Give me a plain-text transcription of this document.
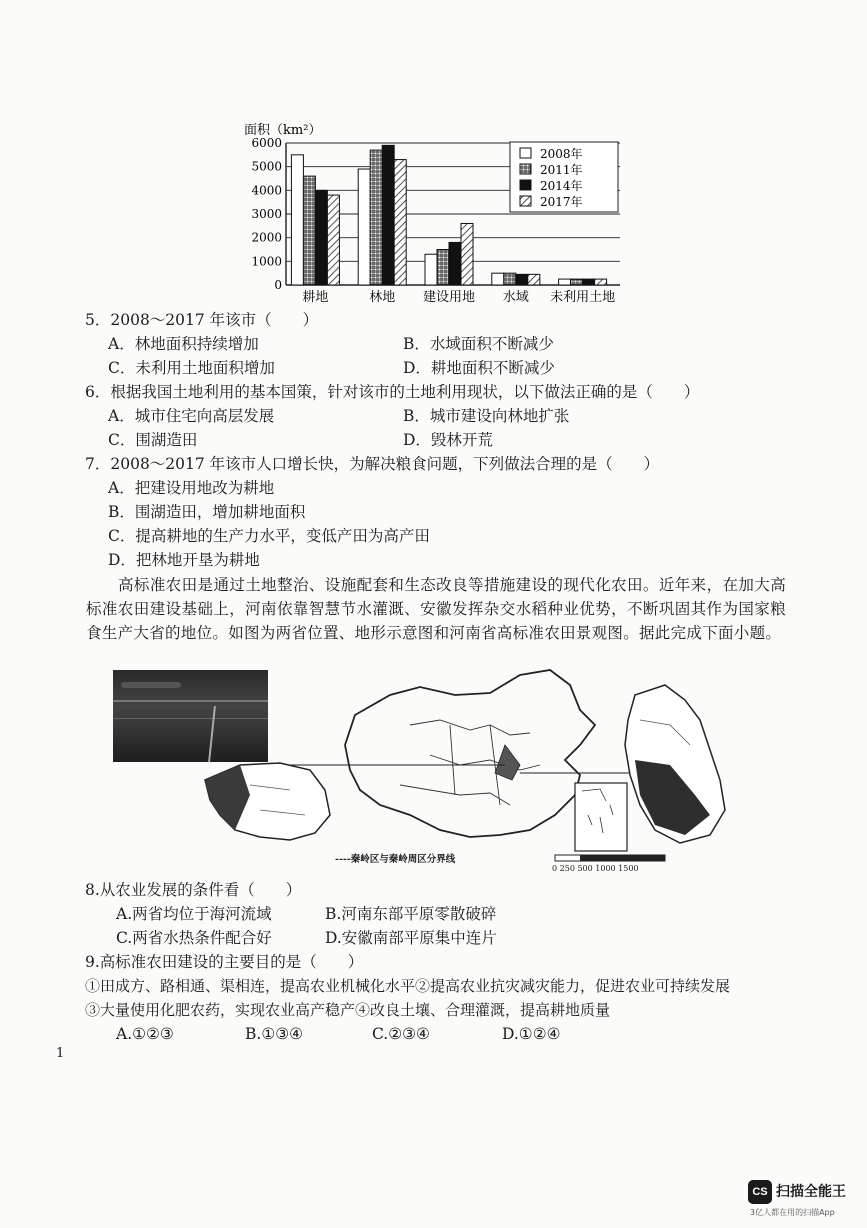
面积（km²）
0
1000
2000
3000
4000
5000
6000
耕地	林地 建设用地 水域 未利用土地
2008年
2011年
2014年
2017年
5．2008～2017 年该市（　　）
A．林地面积持续增加	B．水域面积不断减少
C．未利用土地面积增加	D．耕地面积不断减少
6．根据我国土地利用的基本国策，针对该市的土地利用现状，以下做法正确的是（　　）
A．城市住宅向高层发展	B．城市建设向林地扩张
C．围湖造田	D．毁林开荒
7．2008～2017 年该市人口增长快，为解决粮食问题，下列做法合理的是（　　）
A．把建设用地改为耕地
B．围湖造田，增加耕地面积
C．提高耕地的生产力水平，变低产田为高产田
D．把林地开垦为耕地
高标准农田是通过土地整治、设施配套和生态改良等措施建设的现代化农田。近年来，在加大高标准农田建设基础上，河南依靠智慧节水灌溉、安徽发挥杂交水稻种业优势，不断巩固其作为国家粮食生产大省的地位。如图为两省位置、地形示意图和河南省高标准农田景观图。据此完成下面小题。
----秦岭区与秦岭周区分界线
0 250 500 1000 1500
8.从农业发展的条件看（　　）
A.两省均位于海河流域	B.河南东部平原零散破碎
C.两省水热条件配合好	D.安徽南部平原集中连片
9.高标准农田建设的主要目的是（　　）
①田成方、路相通、渠相连，提高农业机械化水平②提高农业抗灾减灾能力，促进农业可持续发展
③大量使用化肥农药，实现农业高产稳产④改良土壤、合理灌溉，提高耕地质量
A.①②③	B.①③④	C.②③④	D.①②④
1
CS 扫描全能王
3亿人都在用的扫描App
